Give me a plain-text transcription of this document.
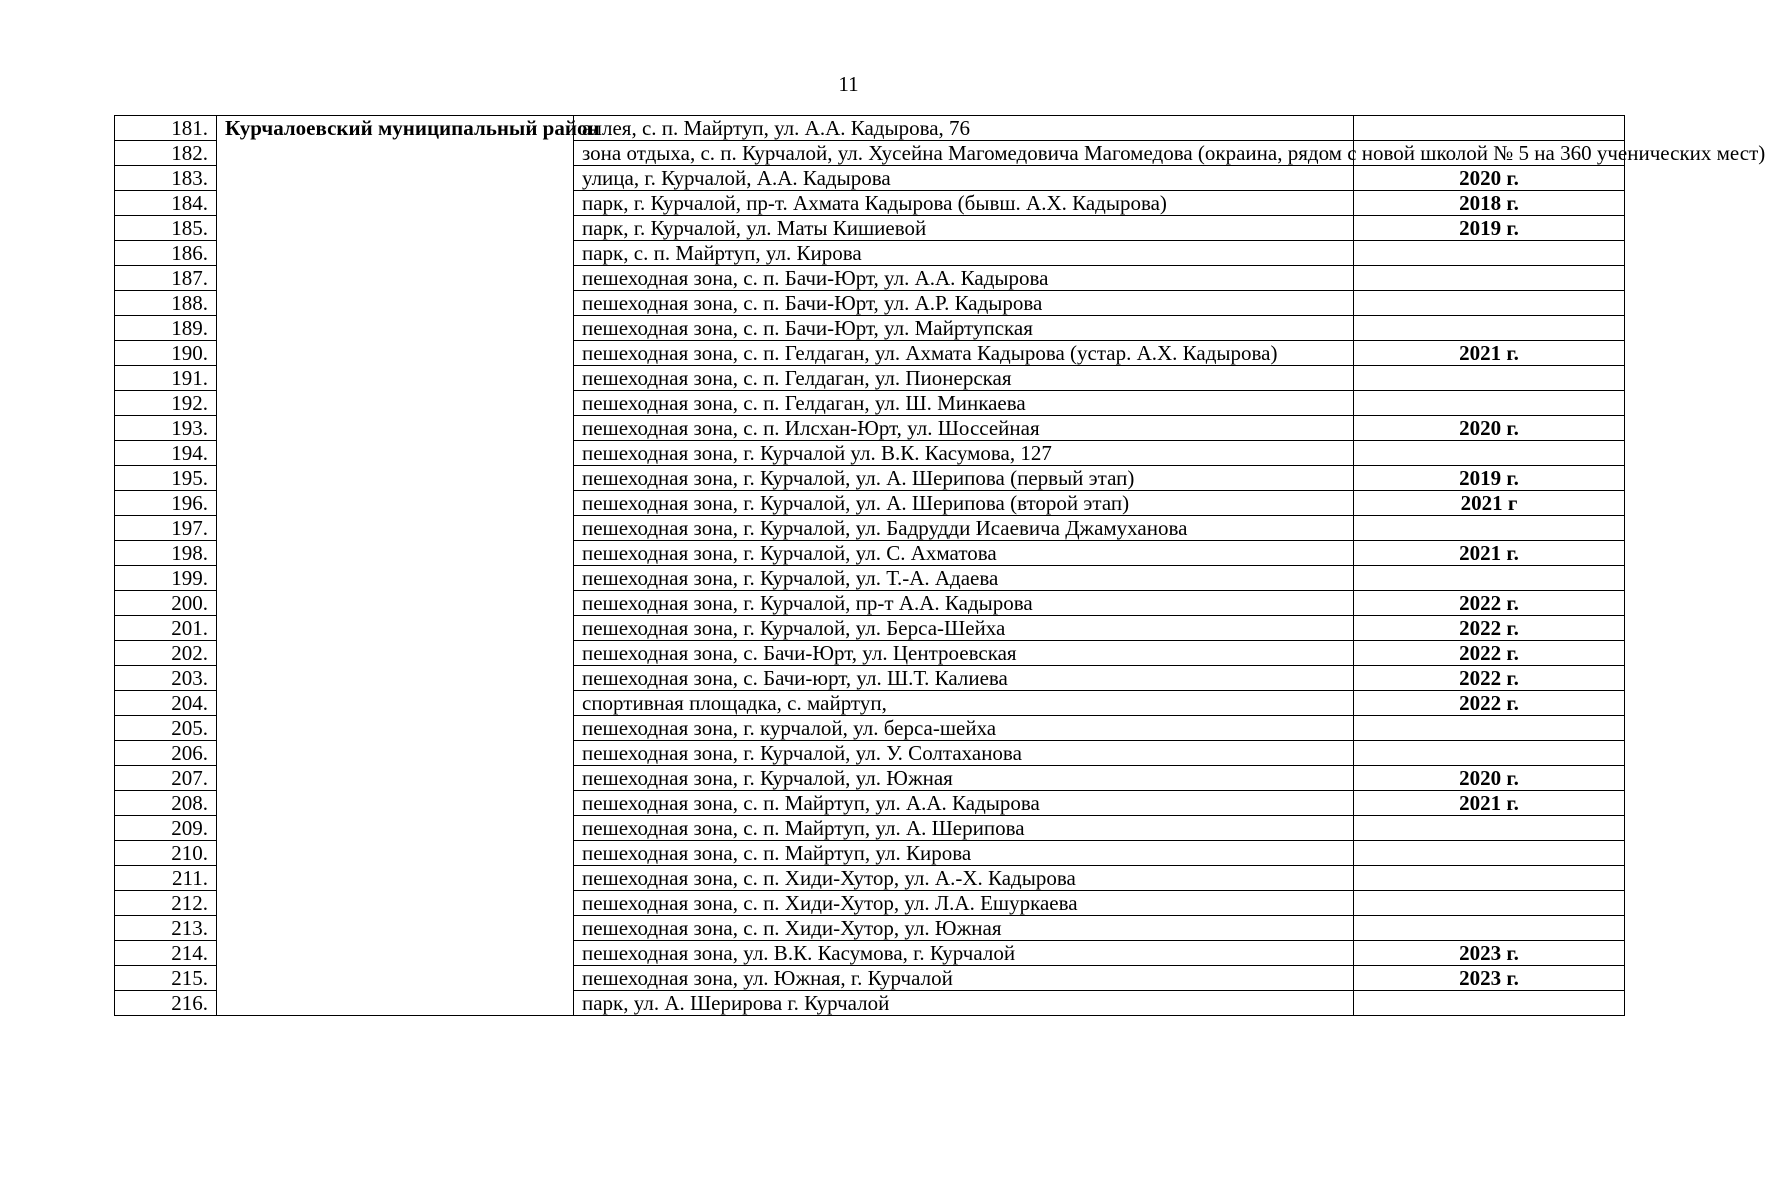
11
181.	Курчалоевский муниципальный район	аллея, с. п. Майртуп, ул. А.А. Кадырова, 76	
182.		зона отдыха, с. п. Курчалой, ул. Хусейна Магомедовича Магомедова (окраина, рядом с новой школой № 5 на 360 ученических мест)	
183.		улица, г. Курчалой, А.А. Кадырова	2020 г.
184.		парк, г. Курчалой, пр-т. Ахмата Кадырова (бывш. А.Х. Кадырова)	2018 г.
185.		парк, г. Курчалой, ул. Маты Кишиевой	2019 г.
186.		парк, с. п. Майртуп, ул. Кирова	
187.		пешеходная зона, с. п. Бачи-Юрт, ул. А.А. Кадырова	
188.		пешеходная зона, с. п. Бачи-Юрт, ул. А.Р. Кадырова	
189.		пешеходная зона, с. п. Бачи-Юрт, ул. Майртупская	
190.		пешеходная зона, с. п. Гелдаган, ул. Ахмата Кадырова (устар. А.Х. Кадырова)	2021 г.
191.		пешеходная зона, с. п. Гелдаган, ул. Пионерская	
192.		пешеходная зона, с. п. Гелдаган, ул. Ш. Минкаева	
193.		пешеходная зона, с. п. Илсхан-Юрт, ул. Шоссейная	2020 г.
194.		пешеходная зона, г. Курчалой ул. В.К. Касумова, 127	
195.		пешеходная зона, г. Курчалой, ул. А. Шерипова (первый этап)	2019 г.
196.		пешеходная зона, г. Курчалой, ул. А. Шерипова (второй этап)	2021 г
197.		пешеходная зона, г. Курчалой, ул. Бадрудди Исаевича Джамуханова	
198.		пешеходная зона, г. Курчалой, ул. С. Ахматова	2021 г.
199.		пешеходная зона, г. Курчалой, ул. Т.-А. Адаева	
200.		пешеходная зона, г. Курчалой, пр-т А.А. Кадырова	2022 г.
201.		пешеходная зона, г. Курчалой, ул. Берса-Шейха	2022 г.
202.		пешеходная зона, с. Бачи-Юрт, ул. Центроевская	2022 г.
203.		пешеходная зона, с. Бачи-юрт, ул. Ш.Т. Калиева	2022 г.
204.		спортивная площадка, с. майртуп,	2022 г.
205.		пешеходная зона, г. курчалой, ул. берса-шейха	
206.		пешеходная зона, г. Курчалой, ул. У. Солтаханова	
207.		пешеходная зона, г. Курчалой, ул. Южная	2020 г.
208.		пешеходная зона, с. п. Майртуп, ул. А.А. Кадырова	2021 г.
209.		пешеходная зона, с. п. Майртуп, ул. А. Шерипова	
210.		пешеходная зона, с. п. Майртуп, ул. Кирова	
211.		пешеходная зона, с. п. Хиди-Хутор, ул. А.-Х. Кадырова	
212.		пешеходная зона, с. п. Хиди-Хутор, ул. Л.А. Ешуркаева	
213.		пешеходная зона, с. п. Хиди-Хутор, ул. Южная	
214.		пешеходная зона, ул. В.К. Касумова, г. Курчалой	2023 г.
215.		пешеходная зона, ул. Южная, г. Курчалой	2023 г.
216.		парк, ул. А. Шерирова г. Курчалой	
